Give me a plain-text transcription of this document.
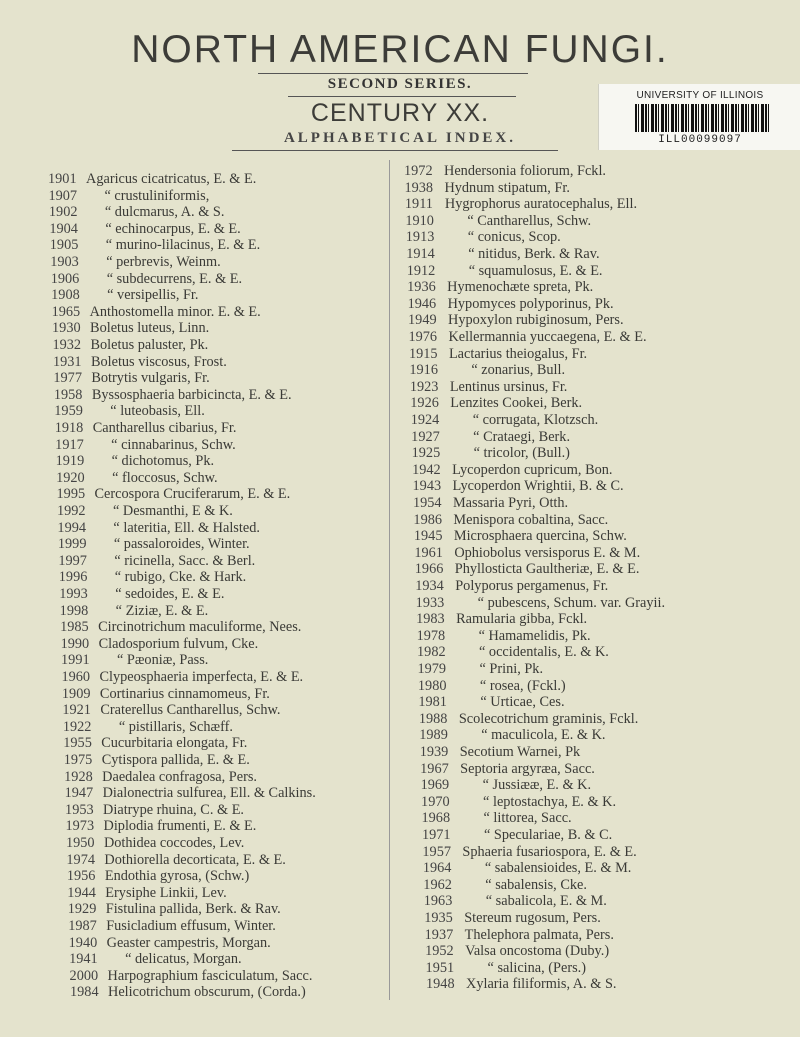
NORTH AMERICAN FUNGI.
SECOND SERIES.
CENTURY XX.
ALPHABETICAL INDEX.
UNIVERSITY OF ILLINOIS
ILL00099097
1901 Agaricus cicatricatus, E. & E.
1907 “ crustuliniformis,
1902 “ dulcmarus, A. & S.
1904 “ echinocarpus, E. & E.
1905 “ murino-lilacinus, E. & E.
1903 “ perbrevis, Weinm.
1906 “ subdecurrens, E. & E.
1908 “ versipellis, Fr.
1965 Anthostomella minor. E. & E.
1930 Boletus luteus, Linn.
1932 Boletus paluster, Pk.
1931 Boletus viscosus, Frost.
1977 Botrytis vulgaris, Fr.
1958 Byssosphaeria barbicincta, E. & E.
1959 “ luteobasis, Ell.
1918 Cantharellus cibarius, Fr.
1917 “ cinnabarinus, Schw.
1919 “ dichotomus, Pk.
1920 “ floccosus, Schw.
1995 Cercospora Cruciferarum, E. & E.
1992 “ Desmanthi, E & K.
1994 “ lateritia, Ell. & Halsted.
1999 “ passaloroides, Winter.
1997 “ ricinella, Sacc. & Berl.
1996 “ rubigo, Cke. & Hark.
1993 “ sedoides, E. & E.
1998 “ Ziziæ, E. & E.
1985 Circinotrichum maculiforme, Nees.
1990 Cladosporium fulvum, Cke.
1991 “ Pæoniæ, Pass.
1960 Clypeosphaeria imperfecta, E. & E.
1909 Cortinarius cinnamomeus, Fr.
1921 Craterellus Cantharellus, Schw.
1922 “ pistillaris, Schæff.
1955 Cucurbitaria elongata, Fr.
1975 Cytispora pallida, E. & E.
1928 Daedalea confragosa, Pers.
1947 Dialonectria sulfurea, Ell. & Calkins.
1953 Diatrype rhuina, C. & E.
1973 Diplodia frumenti, E. & E.
1950 Dothidea coccodes, Lev.
1974 Dothiorella decorticata, E. & E.
1956 Endothia gyrosa, (Schw.)
1944 Erysiphe Linkii, Lev.
1929 Fistulina pallida, Berk. & Rav.
1987 Fusicladium effusum, Winter.
1940 Geaster campestris, Morgan.
1941 “ delicatus, Morgan.
2000 Harpographium fasciculatum, Sacc.
1984 Helicotrichum obscurum, (Corda.)
1972 Hendersonia foliorum, Fckl.
1938 Hydnum stipatum, Fr.
1911 Hygrophorus auratocephalus, Ell.
1910 “ Cantharellus, Schw.
1913 “ conicus, Scop.
1914 “ nitidus, Berk. & Rav.
1912 “ squamulosus, E. & E.
1936 Hymenochæte spreta, Pk.
1946 Hypomyces polyporinus, Pk.
1949 Hypoxylon rubiginosum, Pers.
1976 Kellermannia yuccaegena, E. & E.
1915 Lactarius theiogalus, Fr.
1916 “ zonarius, Bull.
1923 Lentinus ursinus, Fr.
1926 Lenzites Cookei, Berk.
1924 “ corrugata, Klotzsch.
1927 “ Crataegi, Berk.
1925 “ tricolor, (Bull.)
1942 Lycoperdon cupricum, Bon.
1943 Lycoperdon Wrightii, B. & C.
1954 Massaria Pyri, Otth.
1986 Menispora cobaltina, Sacc.
1945 Microsphaera quercina, Schw.
1961 Ophiobolus versisporus E. & M.
1966 Phyllosticta Gaultheriæ, E. & E.
1934 Polyporus pergamenus, Fr.
1933 “ pubescens, Schum. var. Grayii.
1983 Ramularia gibba, Fckl.
1978 “ Hamamelidis, Pk.
1982 “ occidentalis, E. & K.
1979 “ Prini, Pk.
1980 “ rosea, (Fckl.)
1981 “ Urticae, Ces.
1988 Scolecotrichum graminis, Fckl.
1989 “ maculicola, E. & K.
1939 Secotium Warnei, Pk
1967 Septoria argyræa, Sacc.
1969 “ Jussiææ, E. & K.
1970 “ leptostachya, E. & K.
1968 “ littorea, Sacc.
1971 “ Speculariae, B. & C.
1957 Sphaeria fusariospora, E. & E.
1964 “ sabalensioides, E. & M.
1962 “ sabalensis, Cke.
1963 “ sabalicola, E. & M.
1935 Stereum rugosum, Pers.
1937 Thelephora palmata, Pers.
1952 Valsa oncostoma (Duby.)
1951 “ salicina, (Pers.)
1948 Xylaria filiformis, A. & S.
